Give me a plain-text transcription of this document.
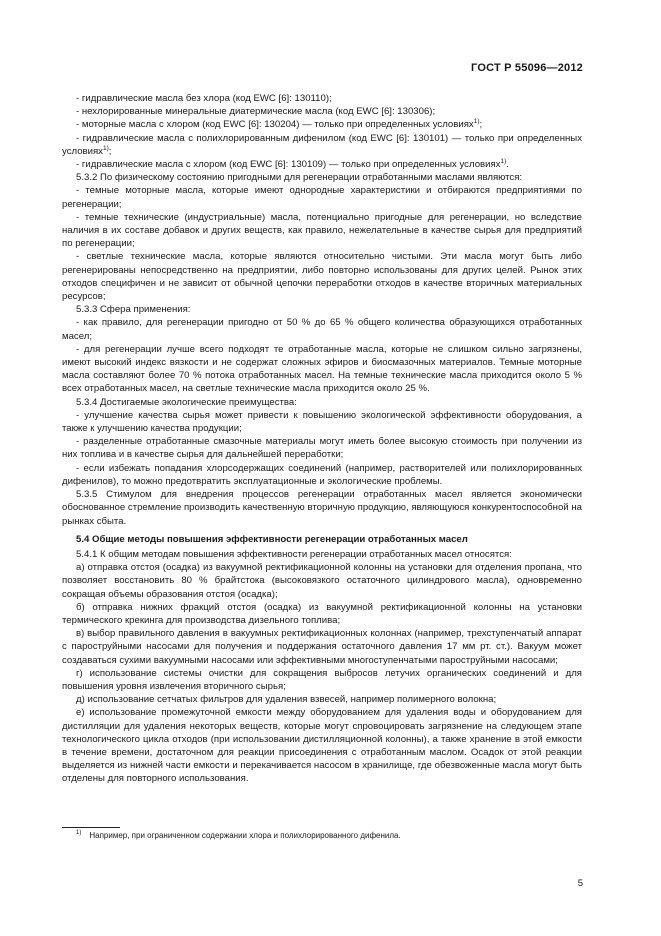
ГОСТ Р 55096—2012

- гидравлические масла без хлора (код EWC [6]: 130110);

- нехлорированные минеральные диатермические масла (код EWC [6]: 130306);

- моторные масла с хлором (код EWC [6]: 130204) — только при определенных условиях$^{1)}$;

- гидравлические масла с полихлорированным дифенилом (код EWC [6]: 130101) — только при определенных условиях$^{1)}$;

- гидравлические масла с хлором (код EWC [6]: 130109) — только при определенных условиях$^{1)}$.

5.3.2 По физическому состоянию пригодными для регенерации отработанными маслами являются:

- темные моторные масла, которые имеют однородные характеристики и отбираются предприятиями по регенерации;

- темные технические (индустриальные) масла, потенциально пригодные для регенерации, но вследствие наличия в их составе добавок и других веществ, как правило, нежелательные в качестве сырья для предприятий по регенерации;

- светлые технические масла, которые являются относительно чистыми. Эти масла могут быть либо регенерированы непосредственно на предприятии, либо повторно использованы для других целей. Рынок этих отходов специфичен и не зависит от обычной цепочки переработки отходов в качестве вторичных материальных ресурсов;

5.3.3 Сфера применения:

- как правило, для регенерации пригодно от 50 % до 65 % общего количества образующихся отработанных масел;

- для регенерации лучше всего подходят те отработанные масла, которые не слишком сильно загрязнены, имеют высокий индекс вязкости и не содержат сложных эфиров и биосмазочных материалов. Темные моторные масла составляют более 70 % потока отработанных масел. На темные технические масла приходится около 5 % всех отработанных масел, на светлые технические масла приходится около 25 %.

5.3.4 Достигаемые экологические преимущества:

- улучшение качества сырья может привести к повышению экологической эффективности оборудования, а также к улучшению качества продукции;

- разделенные отработанные смазочные материалы могут иметь более высокую стоимость при получении из них топлива и в качестве сырья для дальнейшей переработки;

- если избежать попадания хлорсодержащих соединений (например, растворителей или полихлорированных дифенилов), то можно предотвратить эксплуатационные и экологические проблемы.

5.3.5 Стимулом для внедрения процессов регенерации отработанных масел является экономически обоснованное стремление производить качественную вторичную продукцию, являющуюся конкурентоспособной на рынках сбыта.

5.4 Общие методы повышения эффективности регенерации отработанных масел

5.4.1 К общим методам повышения эффективности регенерации отработанных масел относятся:

а) отправка отстоя (осадка) из вакуумной ректификационной колонны на установки для отделения пропана, что позволяет восстановить 80 % брайтстока (высоковязкого остаточного цилиндрового масла), одновременно сокращая объемы образования отстоя (осадка);

б) отправка нижних фракций отстоя (осадка) из вакуумной ректификационной колонны на установки термического крекинга для производства дизельного топлива;

в) выбор правильного давления в вакуумных ректификационных колоннах (например, трехступенчатый аппарат с пароструйными насосами для получения и поддержания остаточного давления 17 мм рт. ст.). Вакуум может создаваться сухими вакуумными насосами или эффективными многоступенчатыми пароструйными насосами;

г) использование системы очистки для сокращения выбросов летучих органических соединений и для повышения уровня извлечения вторичного сырья;

д) использование сетчатых фильтров для удаления взвесей, например полимерного волокна;

е) использование промежуточной емкости между оборудованием для удаления воды и оборудованием для дистилляции для удаления некоторых веществ, которые могут спровоцировать загрязнение на следующем этапе технологического цикла отходов (при использовании дистилляционной колонны), а также хранение в этой емкости в течение времени, достаточном для реакции присоединения с отработанным маслом. Осадок от этой реакции выделяется из нижней части емкости и перекачивается насосом в хранилище, где обезвоженные масла могут быть отделены для повторного использования.

$^{1)}$ Например, при ограниченном содержании хлора и полихлорированного дифенила.
5
